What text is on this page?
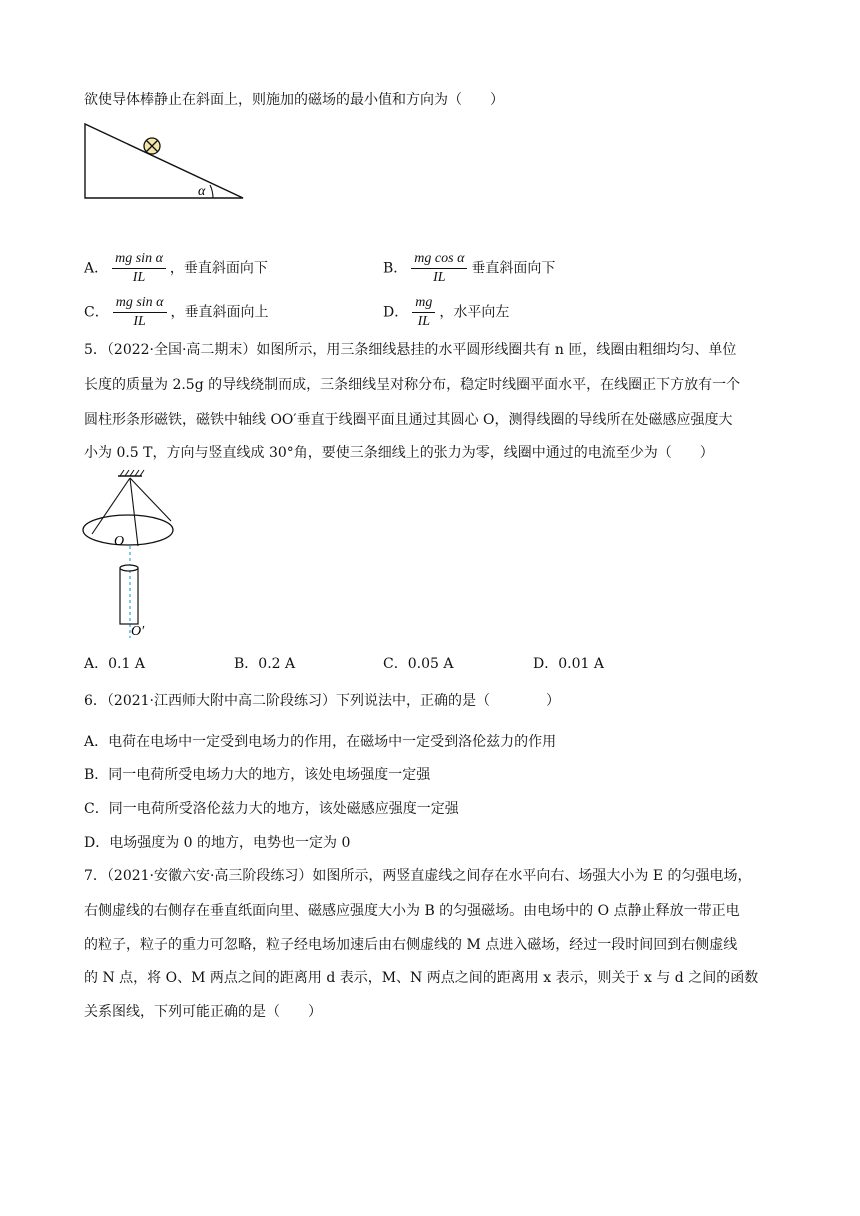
欲使导体棒静止在斜面上，则施加的磁场的最小值和方向为（　　）
α
A． $\frac{\text{mg sin α}}{IL}$ ，垂直斜面向下	B． $\frac{\text{mg cos α}}{IL}$ 垂直斜面向下
C． $\frac{\text{mg sin α}}{IL}$ ，垂直斜面向上	D． $\frac{mg}{IL}$ ，水平向左
5．（2022·全国·高二期末）如图所示，用三条细线悬挂的水平圆形线圈共有 n 匝，线圈由粗细均匀、单位
长度的质量为 2.5g 的导线绕制而成，三条细线呈对称分布，稳定时线圈平面水平，在线圈正下方放有一个
圆柱形条形磁铁，磁铁中轴线 OO′垂直于线圈平面且通过其圆心 O，测得线圈的导线所在处磁感应强度大
小为 0.5 T，方向与竖直线成 30°角，要使三条细线上的张力为零，线圈中通过的电流至少为（　　）
O
O′
A．0.1 A	B．0.2 A	C．0.05 A	D．0.01 A
6．（2021·江西师大附中高二阶段练习）下列说法中，正确的是（　　　　）
A．电荷在电场中一定受到电场力的作用，在磁场中一定受到洛伦兹力的作用
B．同一电荷所受电场力大的地方，该处电场强度一定强
C．同一电荷所受洛伦兹力大的地方，该处磁感应强度一定强
D．电场强度为 0 的地方，电势也一定为 0
7．（2021·安徽六安·高三阶段练习）如图所示，两竖直虚线之间存在水平向右、场强大小为 E 的匀强电场，
右侧虚线的右侧存在垂直纸面向里、磁感应强度大小为 B 的匀强磁场。由电场中的 O 点静止释放一带正电
的粒子，粒子的重力可忽略，粒子经电场加速后由右侧虚线的 M 点进入磁场，经过一段时间回到右侧虚线
的 N 点，将 O、M 两点之间的距离用 d 表示，M、N 两点之间的距离用 x 表示，则关于 x 与 d 之间的函数
关系图线，下列可能正确的是（　　）
